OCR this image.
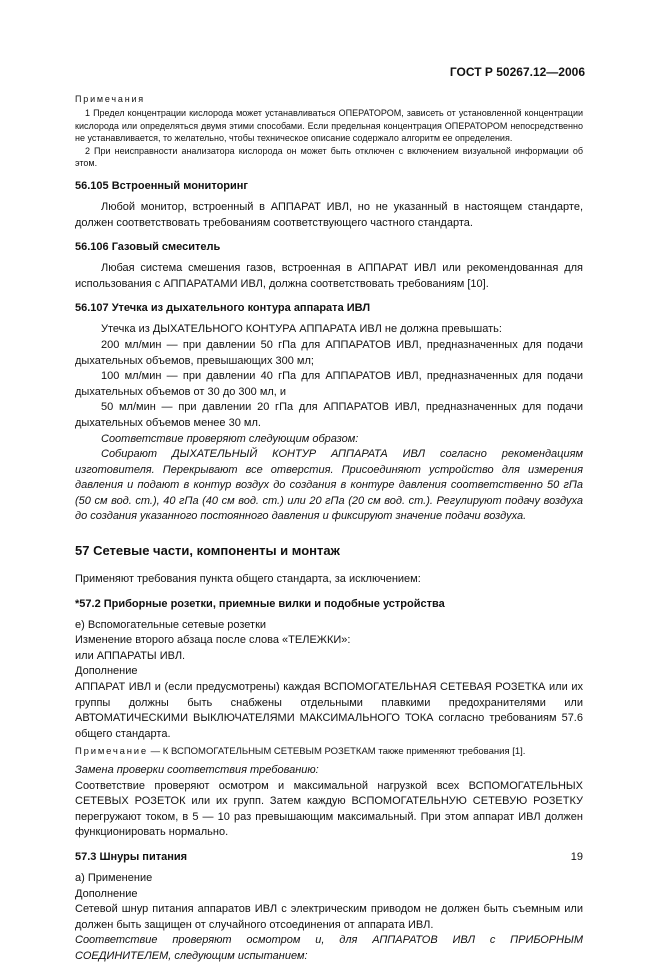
ГОСТ Р 50267.12—2006

Примечания

1 Предел концентрации кислорода может устанавливаться ОПЕРАТОРОМ, зависеть от установленной концентрации кислорода или определяться двумя этими способами. Если предельная концентрация ОПЕРАТОРОМ непосредственно не устанавливается, то желательно, чтобы техническое описание содержало алгоритм ее определения.

2 При неисправности анализатора кислорода он может быть отключен с включением визуальной информации об этом.

56.105 Встроенный мониторинг

Любой монитор, встроенный в АППАРАТ ИВЛ, но не указанный в настоящем стандарте, должен соответствовать требованиям соответствующего частного стандарта.

56.106 Газовый смеситель

Любая система смешения газов, встроенная в АППАРАТ ИВЛ или рекомендованная для использования с АППАРАТАМИ ИВЛ, должна соответствовать требованиям [10].

56.107 Утечка из дыхательного контура аппарата ИВЛ

Утечка из ДЫХАТЕЛЬНОГО КОНТУРА АППАРАТА ИВЛ не должна превышать:

200 мл/мин — при давлении 50 гПа для АППАРАТОВ ИВЛ, предназначенных для подачи дыхательных объемов, превышающих 300 мл;

100 мл/мин — при давлении 40 гПа для АППАРАТОВ ИВЛ, предназначенных для подачи дыхательных объемов от 30 до 300 мл, и

50 мл/мин — при давлении 20 гПа для АППАРАТОВ ИВЛ, предназначенных для подачи дыхательных объемов менее 30 мл.

Соответствие проверяют следующим образом:

Собирают ДЫХАТЕЛЬНЫЙ КОНТУР АППАРАТА ИВЛ согласно рекомендациям изготовителя. Перекрывают все отверстия. Присоединяют устройство для измерения давления и подают в контур воздух до создания в контуре давления соответственно 50 гПа (50 см вод. ст.), 40 гПа (40 см вод. ст.) или 20 гПа (20 см вод. ст.). Регулируют подачу воздуха до создания указанного постоянного давления и фиксируют значение подачи воздуха.

57 Сетевые части, компоненты и монтаж

Применяют требования пункта общего стандарта, за исключением:

*57.2 Приборные розетки, приемные вилки и подобные устройства

e) Вспомогательные сетевые розетки

Изменение второго абзаца после слова «ТЕЛЕЖКИ»:

или АППАРАТЫ ИВЛ.

Дополнение

АППАРАТ ИВЛ и (если предусмотрены) каждая ВСПОМОГАТЕЛЬНАЯ СЕТЕВАЯ РОЗЕТКА или их группы должны быть снабжены отдельными плавкими предохранителями или АВТОМАТИЧЕСКИМИ ВЫКЛЮЧАТЕЛЯМИ МАКСИМАЛЬНОГО ТОКА согласно требованиям 57.6 общего стандарта.

Примечание — К ВСПОМОГАТЕЛЬНЫМ СЕТЕВЫМ РОЗЕТКАМ также применяют требования [1].

Замена проверки соответствия требованию:

Соответствие проверяют осмотром и максимальной нагрузкой всех ВСПОМОГАТЕЛЬНЫХ СЕТЕВЫХ РОЗЕТОК или их групп. Затем каждую ВСПОМОГАТЕЛЬНУЮ СЕТЕВУЮ РОЗЕТКУ перегружают током, в 5 — 10 раз превышающим максимальный. При этом аппарат ИВЛ должен функционировать нормально.

57.3 Шнуры питания

a) Применение

Дополнение

Сетевой шнур питания аппаратов ИВЛ с электрическим приводом не должен быть съемным или должен быть защищен от случайного отсоединения от аппарата ИВЛ.

Соответствие проверяют осмотром и, для АППАРАТОВ ИВЛ с ПРИБОРНЫМ СОЕДИНИТЕЛЕМ, следующим испытанием:

19
